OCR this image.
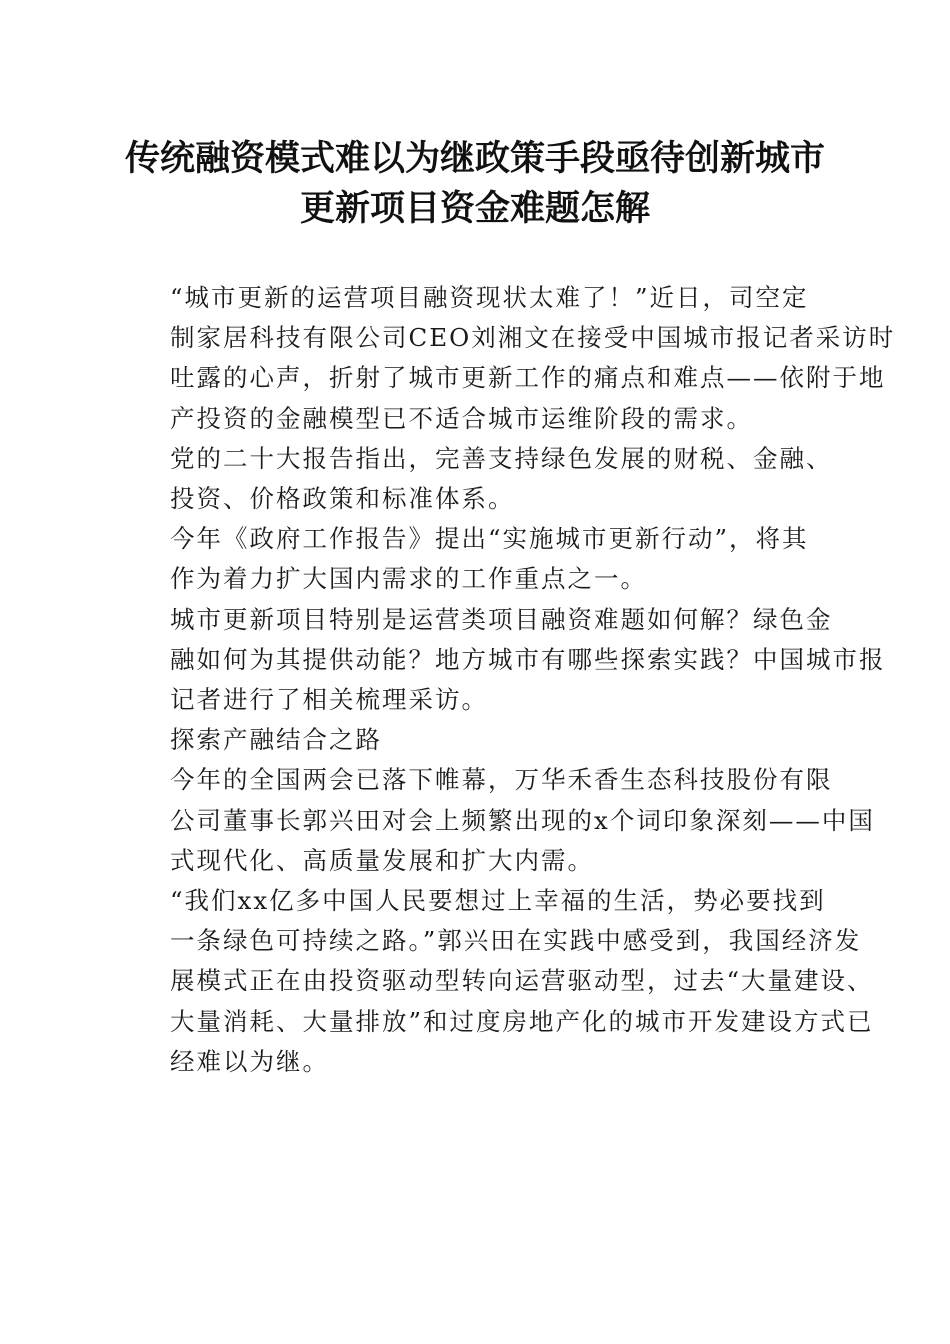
传统融资模式难以为继政策手段亟待创新城市
更新项目资金难题怎解

“城市更新的运营项目融资现状太难了！”近日，司空定
制家居科技有限公司CEO刘湘文在接受中国城市报记者采访时
吐露的心声，折射了城市更新工作的痛点和难点——依附于地
产投资的金融模型已不适合城市运维阶段的需求。

党的二十大报告指出，完善支持绿色发展的财税、金融、
投资、价格政策和标准体系。

今年《政府工作报告》提出“实施城市更新行动”，将其
作为着力扩大国内需求的工作重点之一。

城市更新项目特别是运营类项目融资难题如何解？绿色金
融如何为其提供动能？地方城市有哪些探索实践？中国城市报
记者进行了相关梳理采访。

探索产融结合之路

今年的全国两会已落下帷幕，万华禾香生态科技股份有限
公司董事长郭兴田对会上频繁出现的x个词印象深刻——中国
式现代化、高质量发展和扩大内需。

“我们xx亿多中国人民要想过上幸福的生活，势必要找到
一条绿色可持续之路。”郭兴田在实践中感受到，我国经济发
展模式正在由投资驱动型转向运营驱动型，过去“大量建设、
大量消耗、大量排放”和过度房地产化的城市开发建设方式已
经难以为继。
